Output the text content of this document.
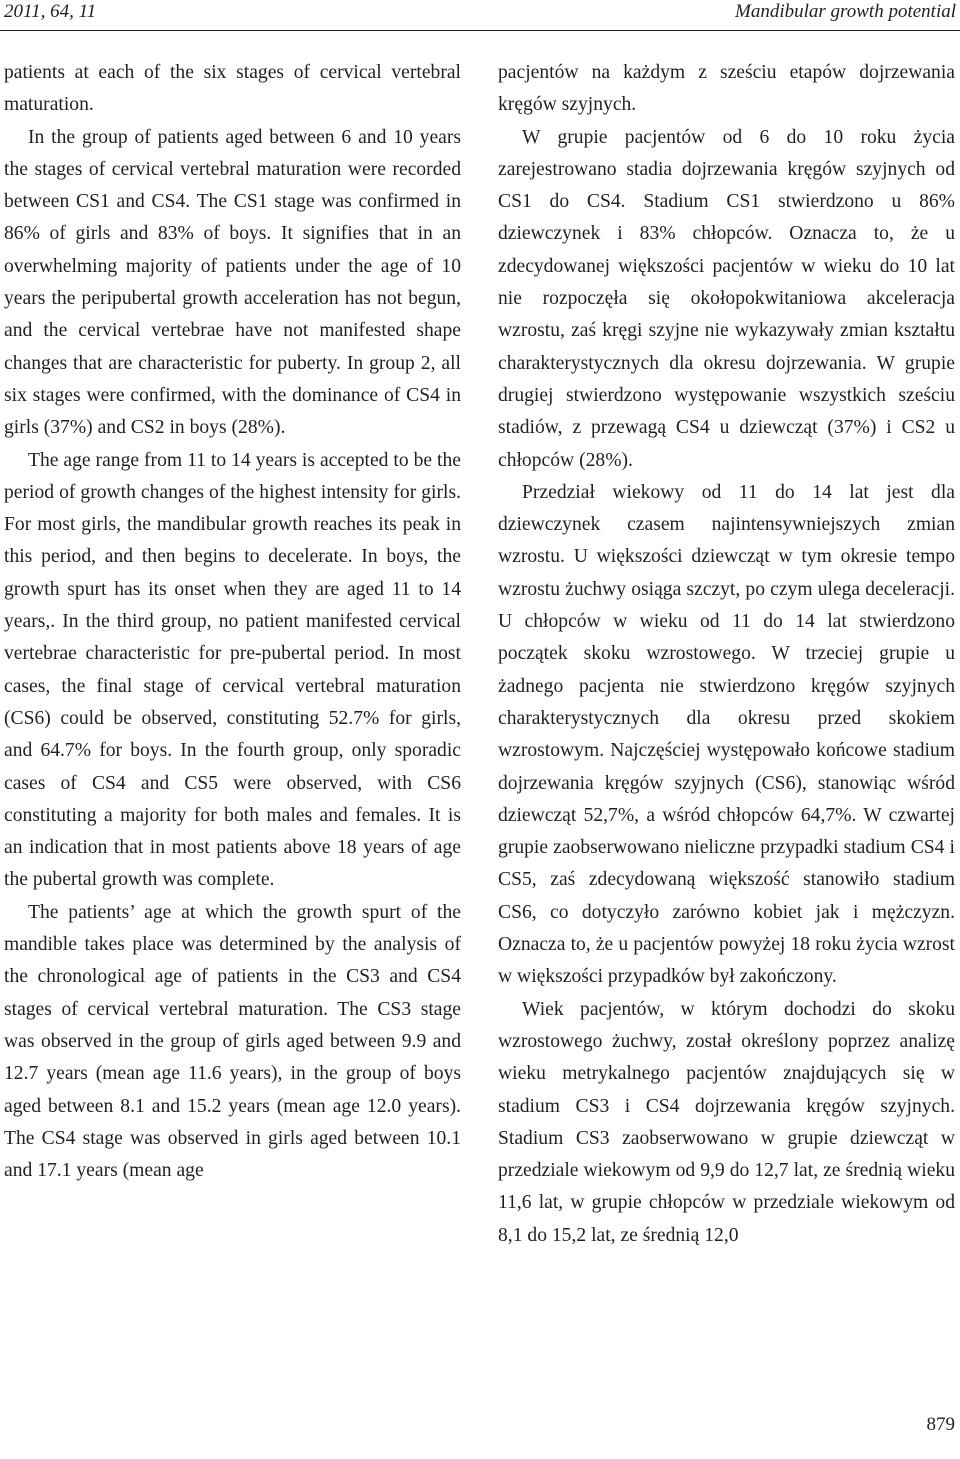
2011, 64, 11	Mandibular growth potential

patients at each of the six stages of cervical vertebral maturation.

In the group of patients aged between 6 and 10 years the stages of cervical vertebral maturation were recorded between CS1 and CS4. The CS1 stage was confirmed in 86% of girls and 83% of boys. It signifies that in an overwhelming majority of patients under the age of 10 years the peripubertal growth acceleration has not begun, and the cervical vertebrae have not manifested shape changes that are characteristic for puberty. In group 2, all six stages were confirmed, with the dominance of CS4 in girls (37%) and CS2 in boys (28%).

The age range from 11 to 14 years is accepted to be the period of growth changes of the highest intensity for girls. For most girls, the mandibular growth reaches its peak in this period, and then begins to decelerate. In boys, the growth spurt has its onset when they are aged 11 to 14 years,. In the third group, no patient manifested cervical vertebrae characteristic for pre-pubertal period. In most cases, the final stage of cervical vertebral maturation (CS6) could be observed, constituting 52.7% for girls, and 64.7% for boys. In the fourth group, only sporadic cases of CS4 and CS5 were observed, with CS6 constituting a majority for both males and females. It is an indication that in most patients above 18 years of age the pubertal growth was complete.

The patients’ age at which the growth spurt of the mandible takes place was determined by the analysis of the chronological age of patients in the CS3 and CS4 stages of cervical vertebral maturation. The CS3 stage was observed in the group of girls aged between 9.9 and 12.7 years (mean age 11.6 years), in the group of boys aged between 8.1 and 15.2 years (mean age 12.0 years). The CS4 stage was observed in girls aged between 10.1 and 17.1 years (mean age

pacjentów na każdym z sześciu etapów dojrzewania kręgów szyjnych.

W grupie pacjentów od 6 do 10 roku życia zarejestrowano stadia dojrzewania kręgów szyjnych od CS1 do CS4. Stadium CS1 stwierdzono u 86% dziewczynek i 83% chłopców. Oznacza to, że u zdecydowanej większości pacjentów w wieku do 10 lat nie rozpoczęła się okołopokwitaniowa akceleracja wzrostu, zaś kręgi szyjne nie wykazywały zmian kształtu charakterystycznych dla okresu dojrzewania. W grupie drugiej stwierdzono występowanie wszystkich sześciu stadiów, z przewagą CS4 u dziewcząt (37%) i CS2 u chłopców (28%).

Przedział wiekowy od 11 do 14 lat jest dla dziewczynek czasem najintensywniejszych zmian wzrostu. U większości dziewcząt w tym okresie tempo wzrostu żuchwy osiąga szczyt, po czym ulega deceleracji. U chłopców w wieku od 11 do 14 lat stwierdzono początek skoku wzrostowego. W trzeciej grupie u żadnego pacjenta nie stwierdzono kręgów szyjnych charakterystycznych dla okresu przed skokiem wzrostowym. Najczęściej występowało końcowe stadium dojrzewania kręgów szyjnych (CS6), stanowiąc wśród dziewcząt 52,7%, a wśród chłopców 64,7%. W czwartej grupie zaobserwowano nieliczne przypadki stadium CS4 i CS5, zaś zdecydowaną większość stanowiło stadium CS6, co dotyczyło zarówno kobiet jak i mężczyzn. Oznacza to, że u pacjentów powyżej 18 roku życia wzrost w większości przypadków był zakończony.

Wiek pacjentów, w którym dochodzi do skoku wzrostowego żuchwy, został określony poprzez analizę wieku metrykalnego pacjentów znajdujących się w stadium CS3 i CS4 dojrzewania kręgów szyjnych. Stadium CS3 zaobserwowano w grupie dziewcząt w przedziale wiekowym od 9,9 do 12,7 lat, ze średnią wieku 11,6 lat, w grupie chłopców w przedziale wiekowym od 8,1 do 15,2 lat, ze średnią 12,0

879
